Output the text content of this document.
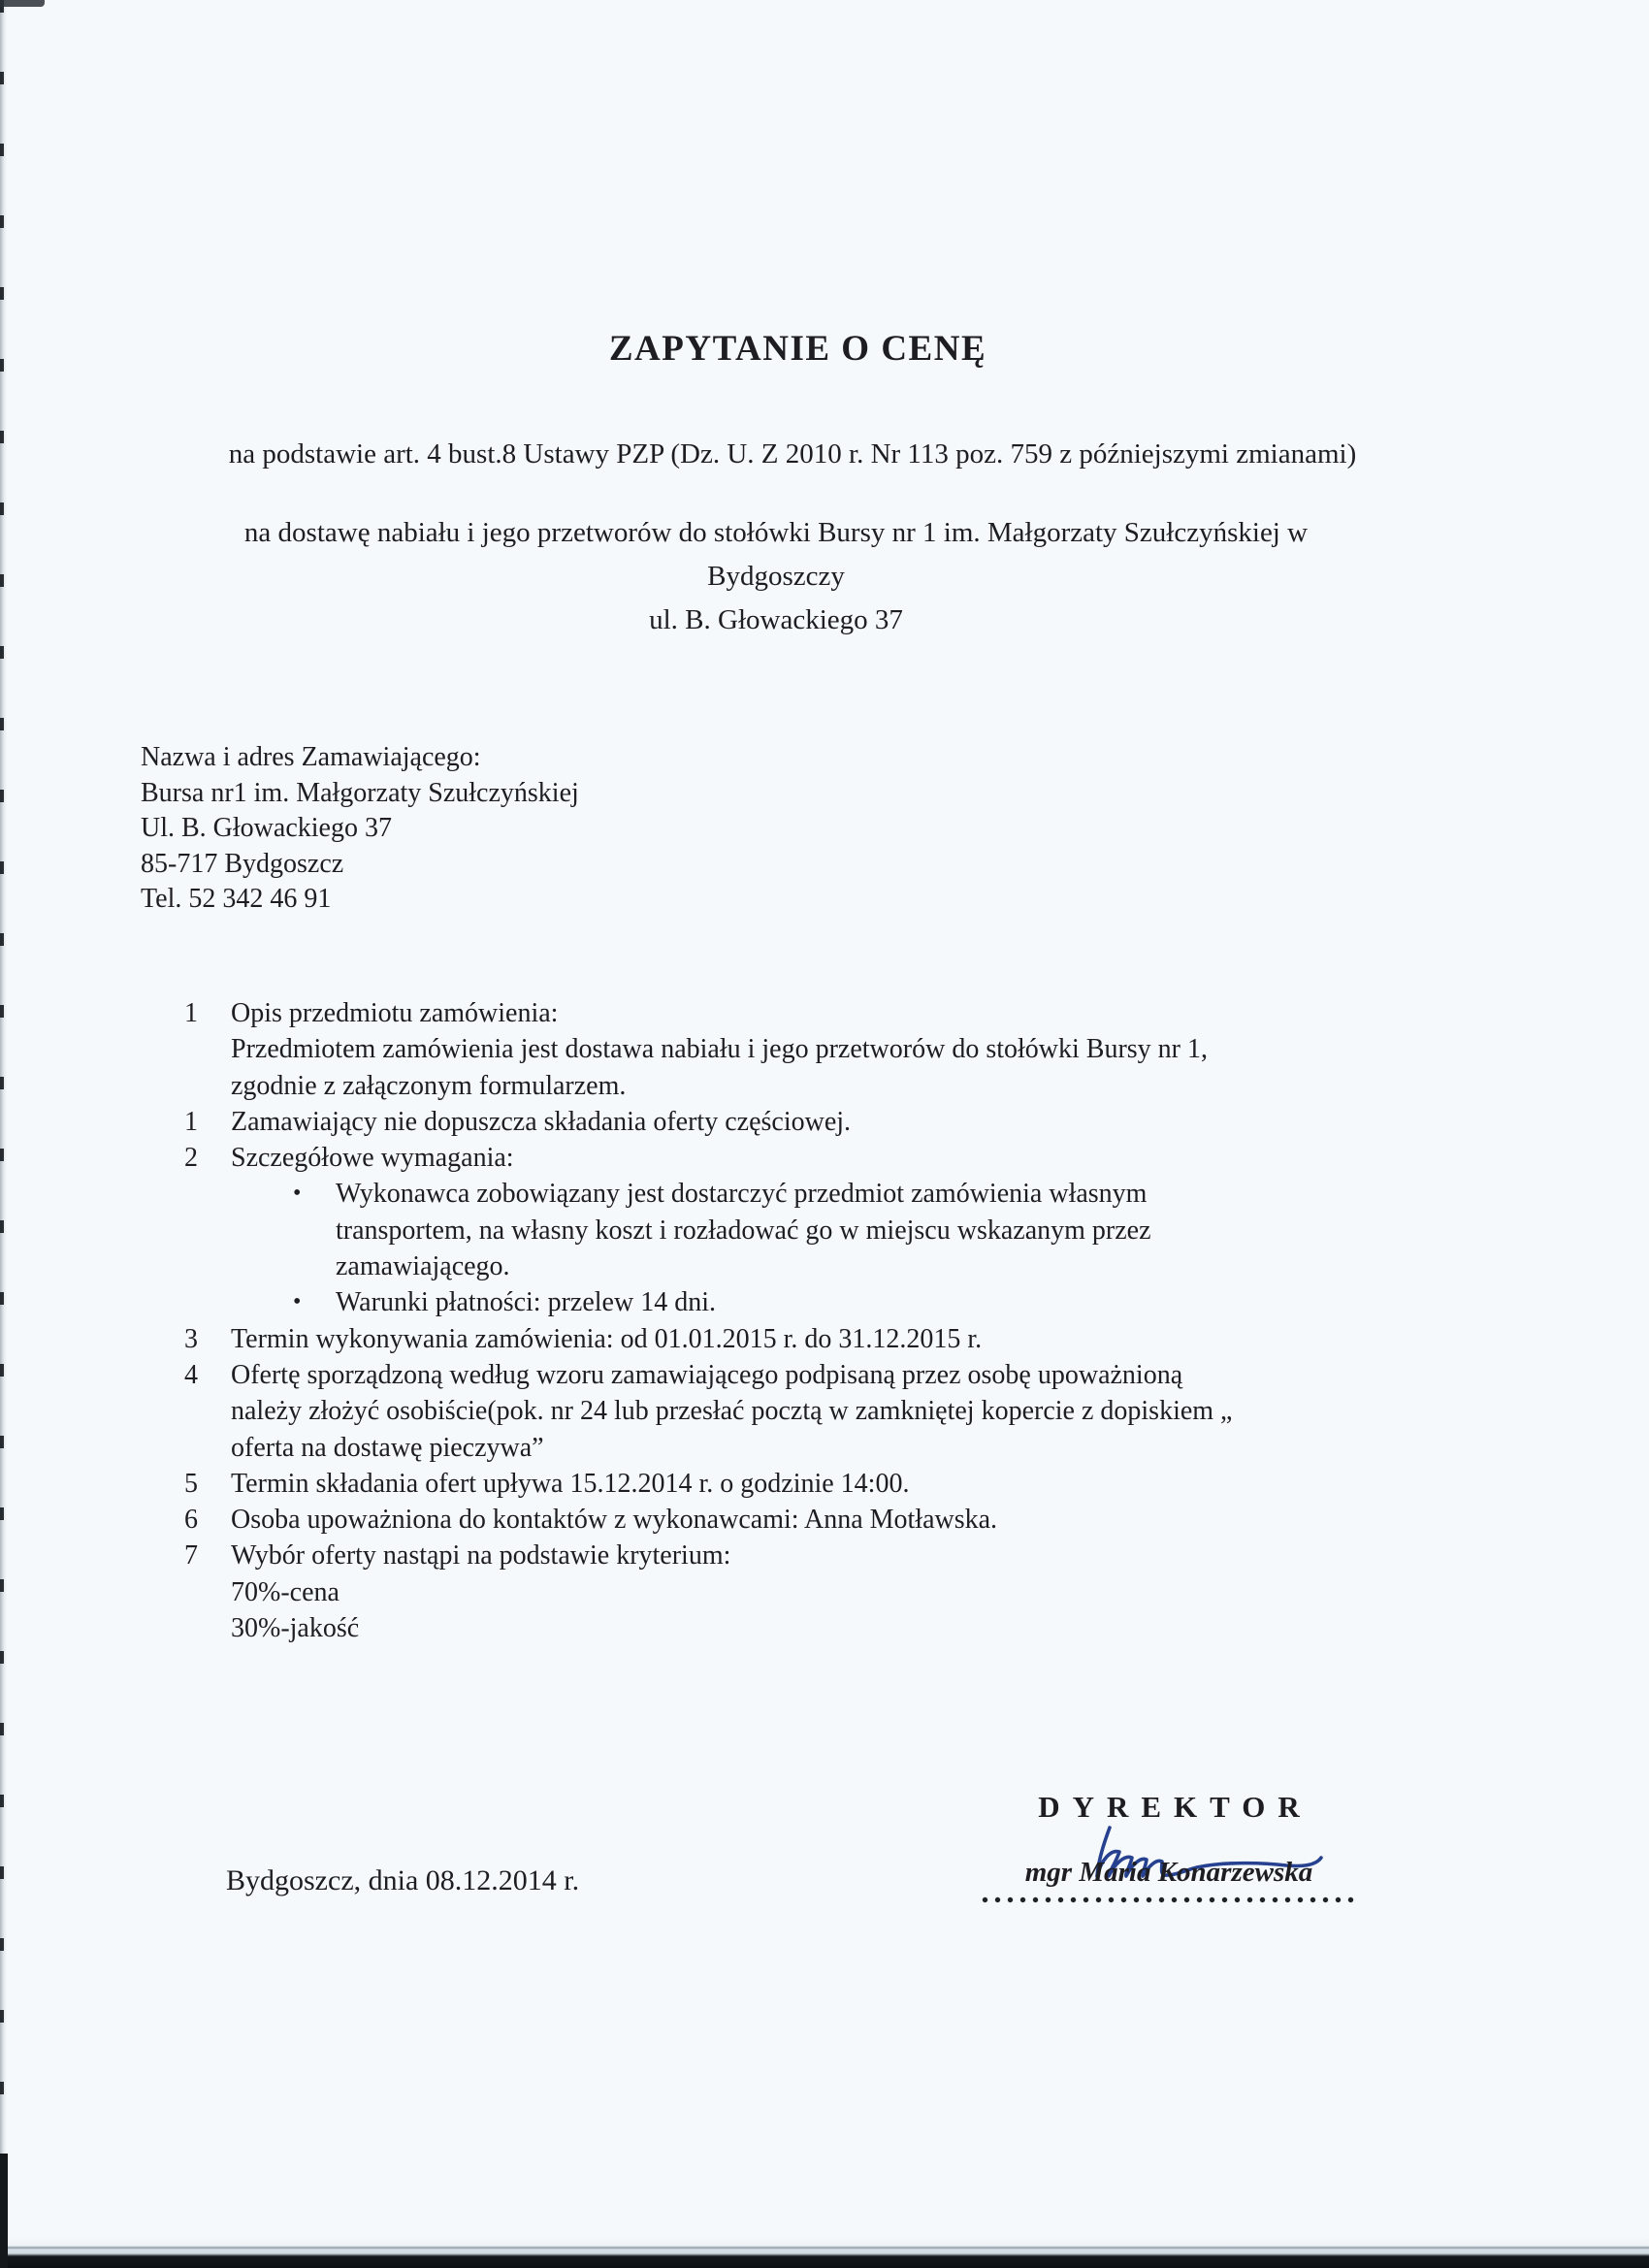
ZAPYTANIE O CENĘ

na podstawie art. 4 bust.8 Ustawy PZP (Dz. U. Z 2010 r. Nr 113 poz. 759 z późniejszymi zmianami)

na dostawę nabiału i jego przetworów do stołówki Bursy nr 1 im. Małgorzaty Szułczyńskiej w
Bydgoszczy
ul. B. Głowackiego 37
Nazwa i adres Zamawiającego:
Bursa nr1 im. Małgorzaty Szułczyńskiej
Ul. B. Głowackiego 37
85-717 Bydgoszcz
Tel. 52 342 46 91
1	Opis przedmiotu zamówienia:
Przedmiotem zamówienia jest dostawa nabiału i jego przetworów do stołówki Bursy nr 1,
zgodnie z załączonym formularzem.
1	Zamawiający nie dopuszcza składania oferty częściowej.
2	Szczegółowe wymagania:
•	Wykonawca zobowiązany jest dostarczyć przedmiot zamówienia własnym
transportem, na własny koszt i rozładować go w miejscu wskazanym przez
zamawiającego.
•	Warunki płatności: przelew 14 dni.
3	Termin wykonywania zamówienia: od 01.01.2015 r. do 31.12.2015 r.
4	Ofertę sporządzoną według wzoru zamawiającego podpisaną przez osobę upoważnioną
należy złożyć osobiście(pok. nr 24 lub przesłać pocztą w zamkniętej kopercie z dopiskiem „
oferta na dostawę pieczywa”
5	Termin składania ofert upływa 15.12.2014 r. o godzinie 14:00.
6	Osoba upoważniona do kontaktów z wykonawcami: Anna Motławska.
7	Wybór oferty nastąpi na podstawie kryterium:
70%-cena
30%-jakość
DYREKTOR
mgr Maria Konarzewska
Bydgoszcz, dnia 08.12.2014 r.
